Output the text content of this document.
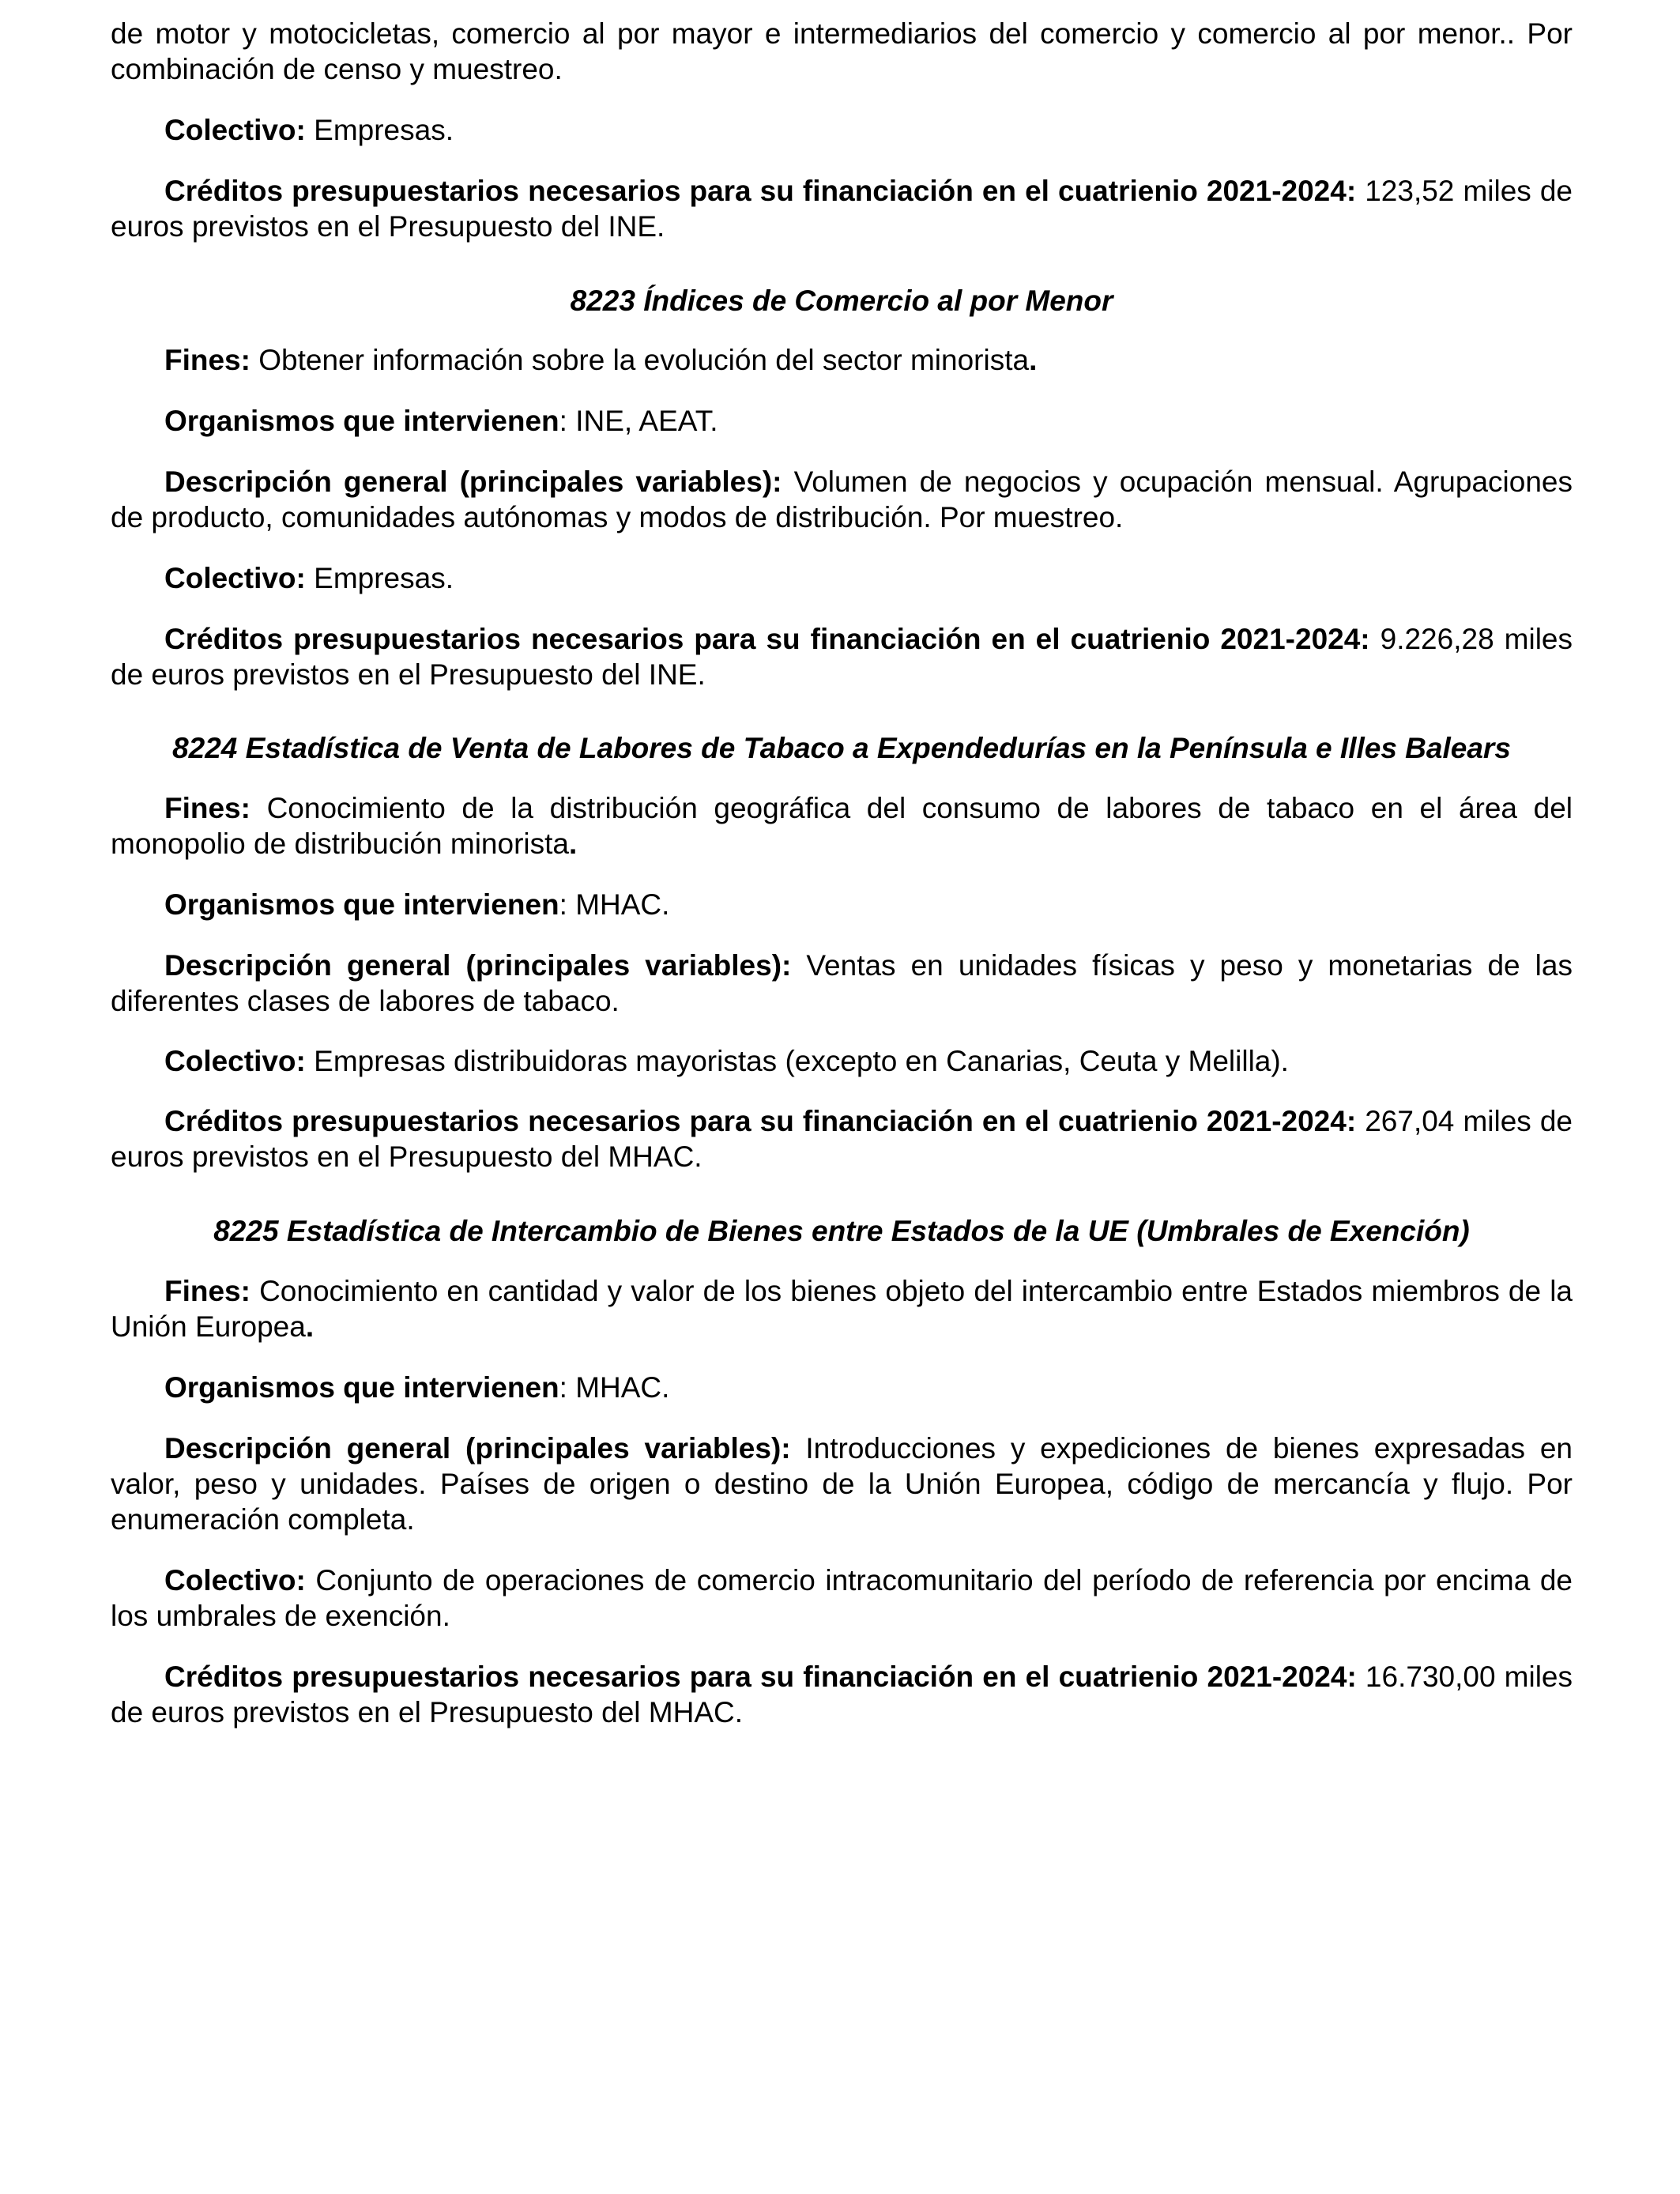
de motor y motocicletas, comercio al por mayor e intermediarios del comercio y comercio al por menor.. Por combinación de censo y muestreo.

Colectivo: Empresas.

Créditos presupuestarios necesarios para su financiación en el cuatrienio 2021-2024: 123,52 miles de euros previstos en el Presupuesto del INE.

8223 Índices de Comercio al por Menor

Fines: Obtener información sobre la evolución del sector minorista.

Organismos que intervienen: INE, AEAT.

Descripción general (principales variables): Volumen de negocios y ocupación mensual. Agrupaciones de producto, comunidades autónomas y modos de distribución. Por muestreo.

Colectivo: Empresas.

Créditos presupuestarios necesarios para su financiación en el cuatrienio 2021-2024: 9.226,28 miles de euros previstos en el Presupuesto del INE.

8224 Estadística de Venta de Labores de Tabaco a Expendedurías en la Península e Illes Balears

Fines: Conocimiento de la distribución geográfica del consumo de labores de tabaco en el área del monopolio de distribución minorista.

Organismos que intervienen: MHAC.

Descripción general (principales variables): Ventas en unidades físicas y peso y monetarias de las diferentes clases de labores de tabaco.

Colectivo: Empresas distribuidoras mayoristas (excepto en Canarias, Ceuta y Melilla).

Créditos presupuestarios necesarios para su financiación en el cuatrienio 2021-2024: 267,04 miles de euros previstos en el Presupuesto del MHAC.

8225 Estadística de Intercambio de Bienes entre Estados de la UE (Umbrales de Exención)

Fines: Conocimiento en cantidad y valor de los bienes objeto del intercambio entre Estados miembros de la Unión Europea.

Organismos que intervienen: MHAC.

Descripción general (principales variables): Introducciones y expediciones de bienes expresadas en valor, peso y unidades. Países de origen o destino de la Unión Europea, código de mercancía y flujo. Por enumeración completa.

Colectivo: Conjunto de operaciones de comercio intracomunitario del período de referencia por encima de los umbrales de exención.

Créditos presupuestarios necesarios para su financiación en el cuatrienio 2021-2024: 16.730,00 miles de euros previstos en el Presupuesto del MHAC.
